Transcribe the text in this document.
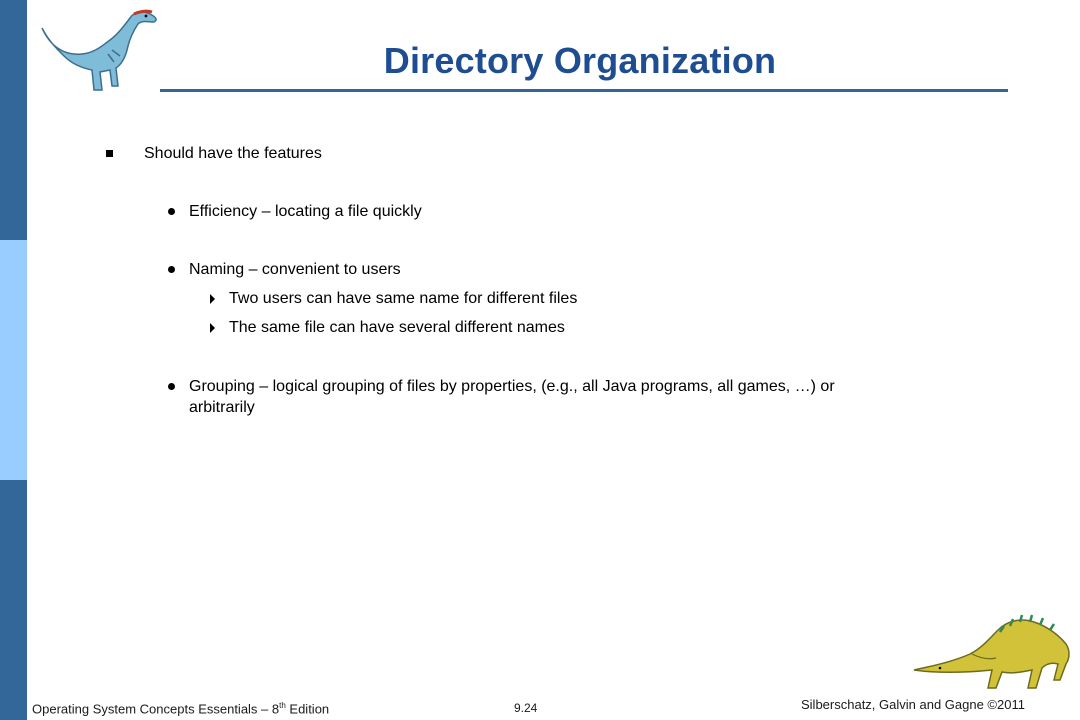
Directory Organization
Should have the features
Efficiency – locating a file quickly
Naming – convenient to users
Two users can have same name for different files
The same file can have several different names
Grouping – logical grouping of files by properties, (e.g., all Java programs, all games, …) or
arbitrarily
Operating System Concepts Essentials – 8th Edition	9.24	Silberschatz, Galvin and Gagne ©2011
